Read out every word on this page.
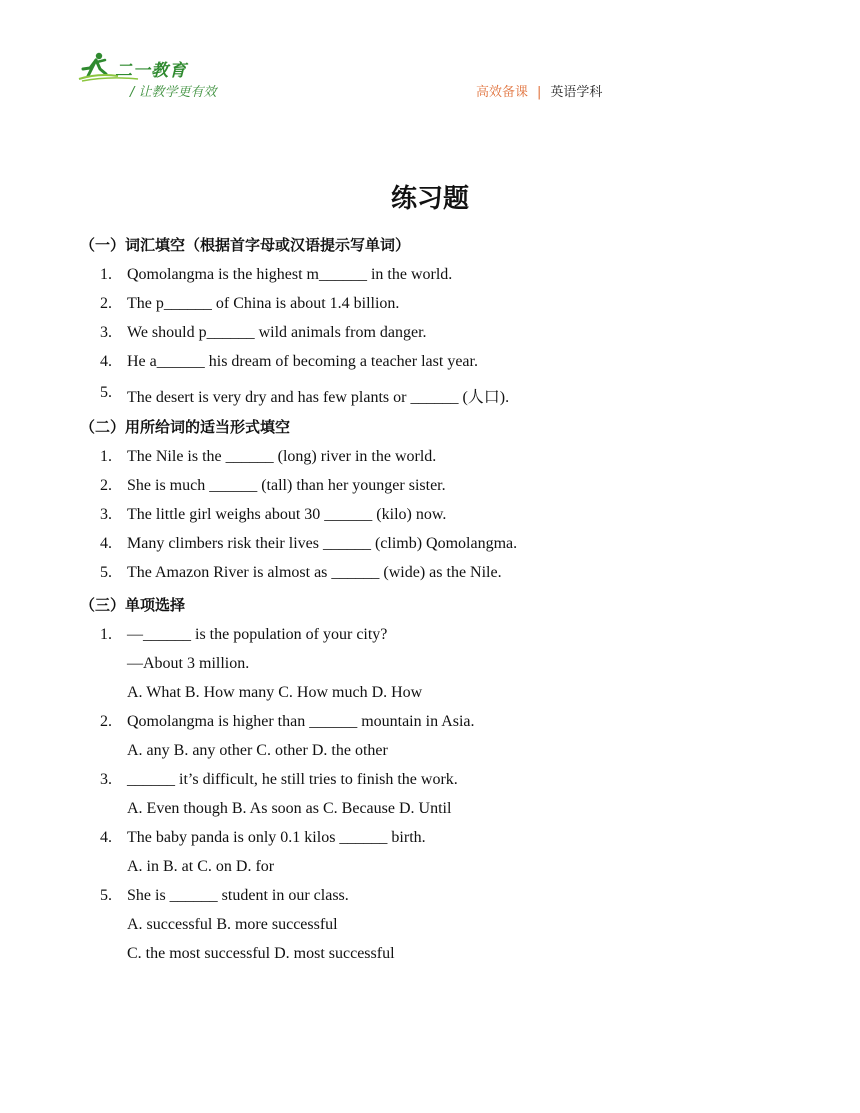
二一教育
/ 让教学更有效	高效备课 | 英语学科
练习题
（一）词汇填空（根据首字母或汉语提示写单词）
1. Qomolangma is the highest m______ in the world.
2. The p______ of China is about 1.4 billion.
3. We should p______ wild animals from danger.
4. He a______ his dream of becoming a teacher last year.
5. The desert is very dry and has few plants or ______ (人口).
（二）用所给词的适当形式填空
1. The Nile is the ______ (long) river in the world.
2. She is much ______ (tall) than her younger sister.
3. The little girl weighs about 30 ______ (kilo) now.
4. Many climbers risk their lives ______ (climb) Qomolangma.
5. The Amazon River is almost as ______ (wide) as the Nile.
（三）单项选择
1. —______ is the population of your city?
—About 3 million.
A. What B. How many C. How much D. How
2. Qomolangma is higher than ______ mountain in Asia.
A. any B. any other C. other D. the other
3. ______ it’s difficult, he still tries to finish the work.
A. Even though B. As soon as C. Because D. Until
4. The baby panda is only 0.1 kilos ______ birth.
A. in B. at C. on D. for
5. She is ______ student in our class.
A. successful B. more successful
C. the most successful D. most successful
